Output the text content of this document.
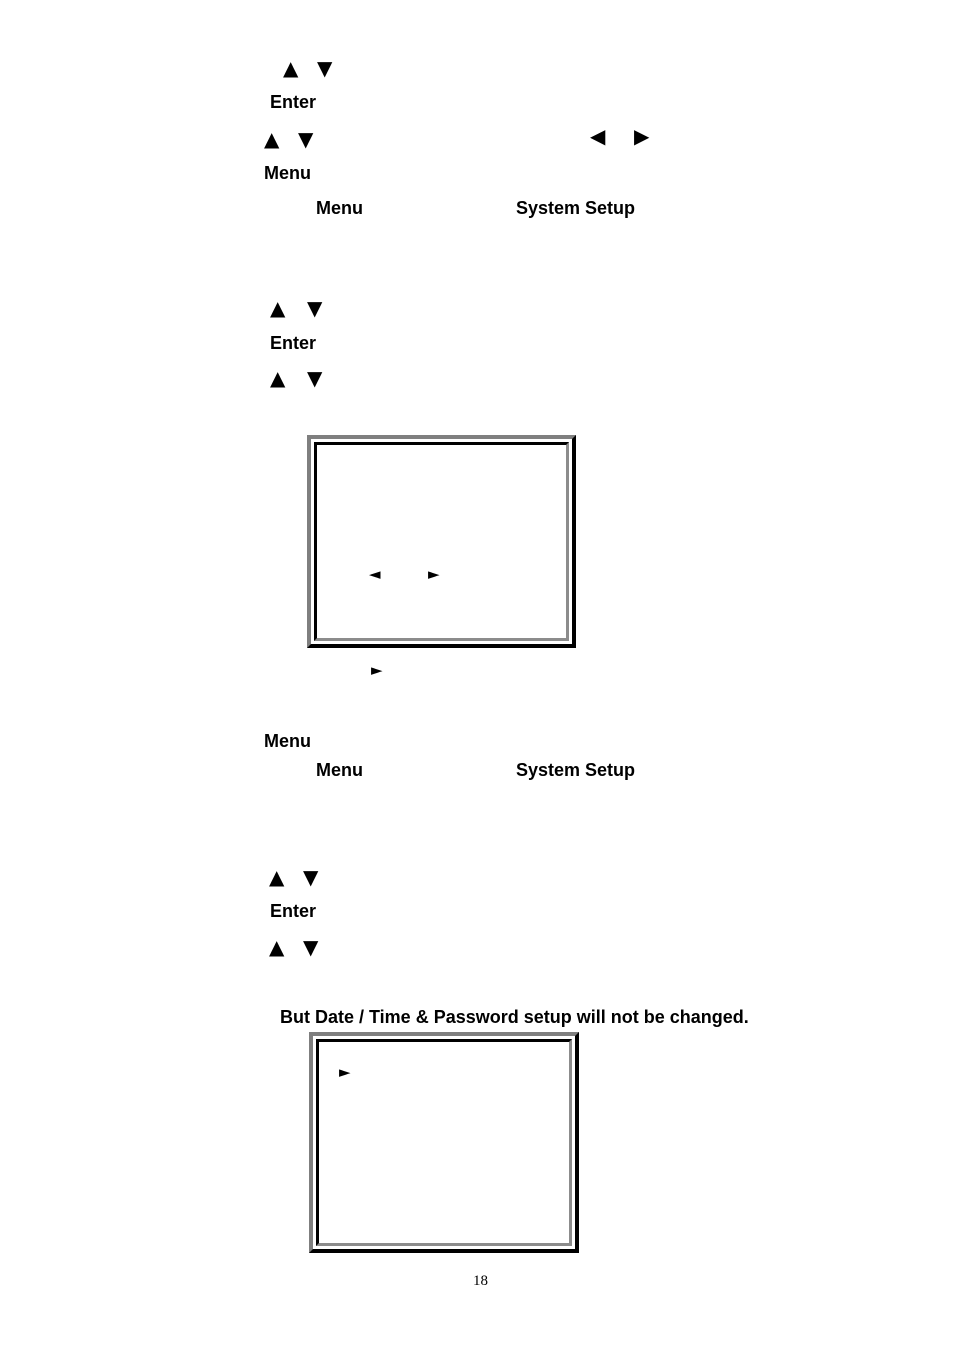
▲ ▼
Enter
▲ ▼	◀ ▶
Menu
Menu	System Setup
▲ ▼
Enter
▲ ▼
◄	►
►
Menu
Menu	System Setup
▲ ▼
Enter
▲ ▼
But Date / Time & Password setup will not be changed.
►
18
